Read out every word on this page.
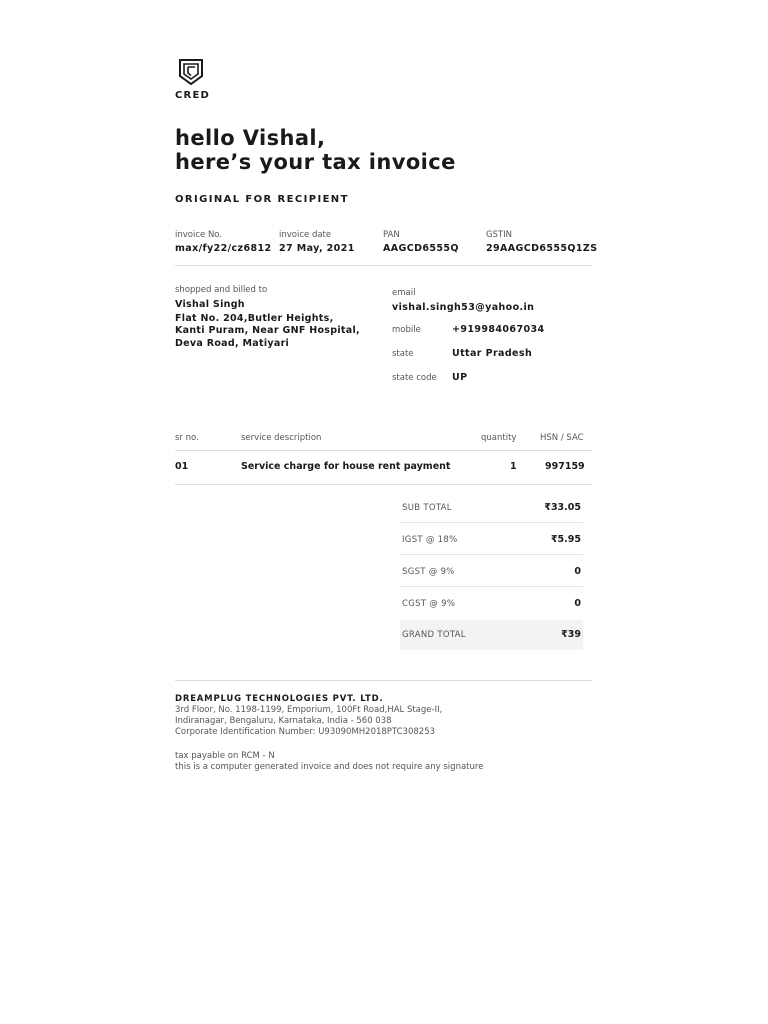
CRED
hello Vishal,
here’s your tax invoice
ORIGINAL FOR RECIPIENT
invoice No.
max/fy22/cz6812
invoice date
27 May, 2021
PAN
AAGCD6555Q
GSTIN
29AAGCD6555Q1ZS
shopped and billed to
Vishal Singh
Flat No. 204,Butler Heights, Kanti Puram, Near GNF Hospital, Deva Road, Matiyari
email
vishal.singh53@yahoo.in
mobile	+919984067034
state	Uttar Pradesh
state code UP
sr no.	service description	quantity	HSN / SAC
01	Service charge for house rent payment	1	997159
SUB TOTAL	₹33.05
IGST @ 18%	₹5.95
SGST @ 9%	0
CGST @ 9%	0
GRAND TOTAL	₹39
DREAMPLUG TECHNOLOGIES PVT. LTD.
3rd Floor, No. 1198-1199, Emporium, 100Ft Road,HAL Stage-II,
Indiranagar, Bengaluru, Karnataka, India - 560 038
Corporate Identification Number: U93090MH2018PTC308253
tax payable on RCM - N
this is a computer generated invoice and does not require any signature
